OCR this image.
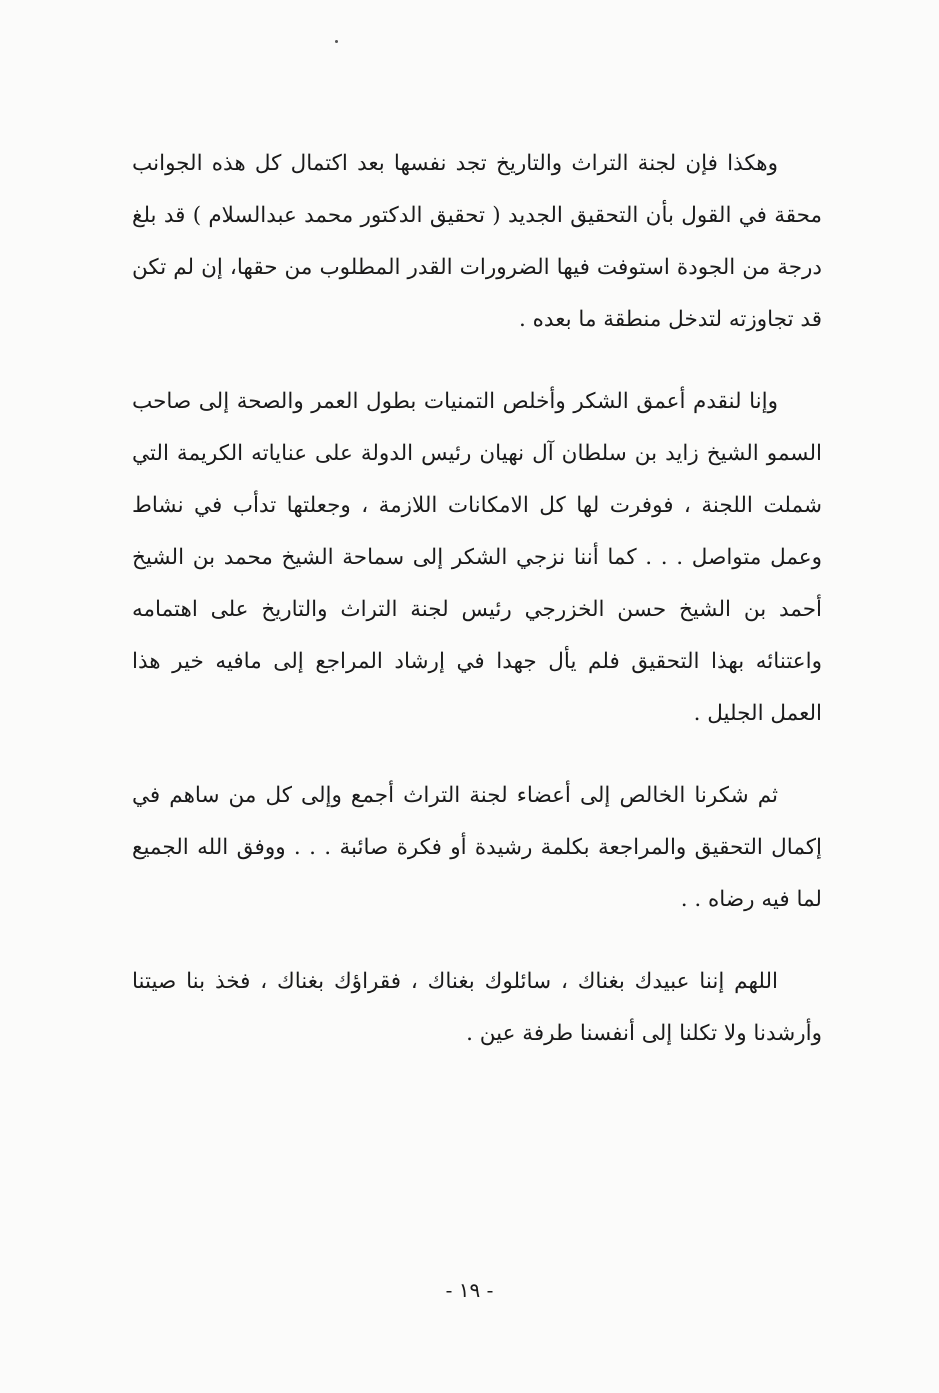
وهكذا فإن لجنة التراث والتاريخ تجد نفسها بعد اكتمال كل هذه الجوانب محقة في القول بأن التحقيق الجديد ( تحقيق الدكتور محمد عبدالسلام ) قد بلغ درجة من الجودة استوفت فيها الضرورات القدر المطلوب من حقها، إن لم تكن قد تجاوزته لتدخل منطقة ما بعده .

وإنا لنقدم أعمق الشكر وأخلص التمنيات بطول العمر والصحة إلى صاحب السمو الشيخ زايد بن سلطان آل نهيان رئيس الدولة على عناياته الكريمة التي شملت اللجنة ، فوفرت لها كل الامكانات اللازمة ، وجعلتها تدأب في نشاط وعمل متواصل . . . كما أننا نزجي الشكر إلى سماحة الشيخ محمد بن الشيخ أحمد بن الشيخ حسن الخزرجي رئيس لجنة التراث والتاريخ على اهتمامه واعتنائه بهذا التحقيق فلم يأل جهدا في إرشاد المراجع إلى مافيه خير هذا العمل الجليل .

ثم شكرنا الخالص إلى أعضاء لجنة التراث أجمع وإلى كل من ساهم في إكمال التحقيق والمراجعة بكلمة رشيدة أو فكرة صائبة . . . ووفق الله الجميع لما فيه رضاه . .

اللهم إننا عبيدك بغناك ، سائلوك بغناك ، فقراؤك بغناك ، فخذ بنا صيتنا وأرشدنا ولا تكلنا إلى أنفسنا طرفة عين .

- ١٩ -
